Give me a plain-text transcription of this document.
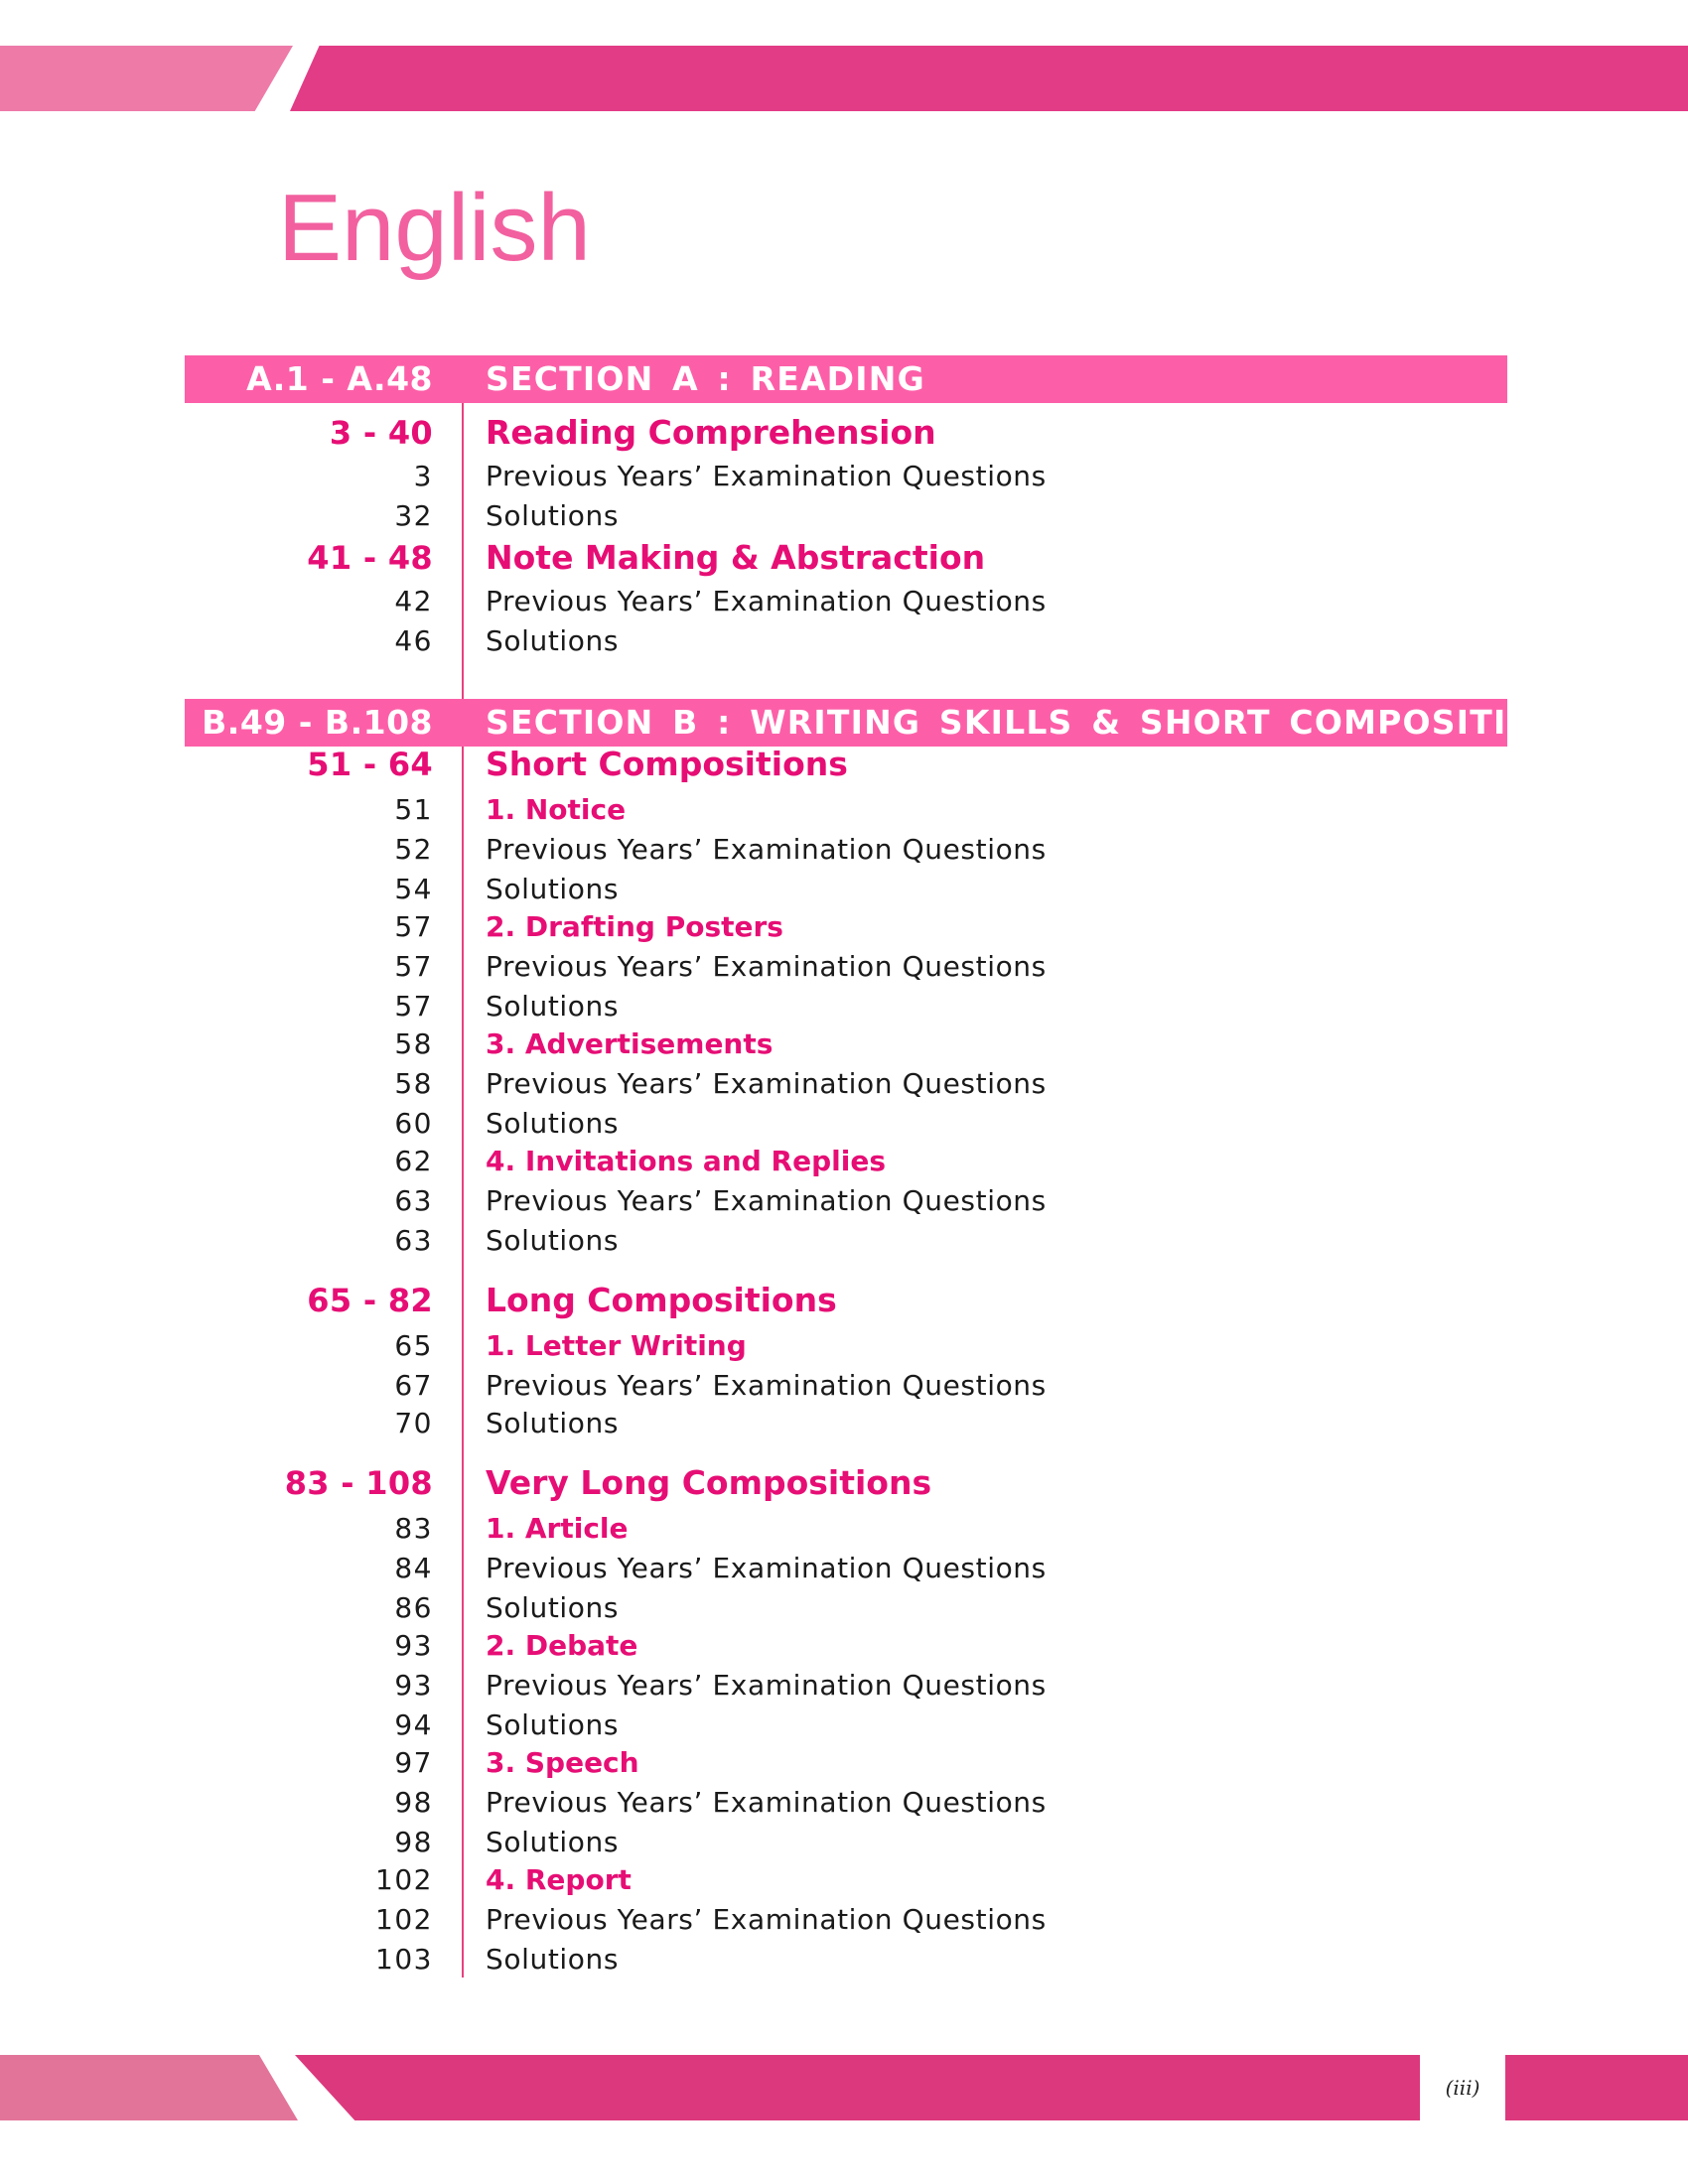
English
A.1 - A.48 SECTION A : READING
3 - 40 Reading Comprehension
3 Previous Years’ Examination Questions
32 Solutions
41 - 48 Note Making & Abstraction
42 Previous Years’ Examination Questions
46 Solutions
B.49 - B.108 SECTION B : WRITING SKILLS & SHORT COMPOSITION
51 - 64 Short Compositions
51 1. Notice
52 Previous Years’ Examination Questions
54 Solutions
57 2. Drafting Posters
57 Previous Years’ Examination Questions
57 Solutions
58 3. Advertisements
58 Previous Years’ Examination Questions
60 Solutions
62 4. Invitations and Replies
63 Previous Years’ Examination Questions
63 Solutions
65 - 82 Long Compositions
65 1. Letter Writing
67 Previous Years’ Examination Questions
70 Solutions
83 - 108 Very Long Compositions
83 1. Article
84 Previous Years’ Examination Questions
86 Solutions
93 2. Debate
93 Previous Years’ Examination Questions
94 Solutions
97 3. Speech
98 Previous Years’ Examination Questions
98 Solutions
102 4. Report
102 Previous Years’ Examination Questions
103 Solutions
(iii)
